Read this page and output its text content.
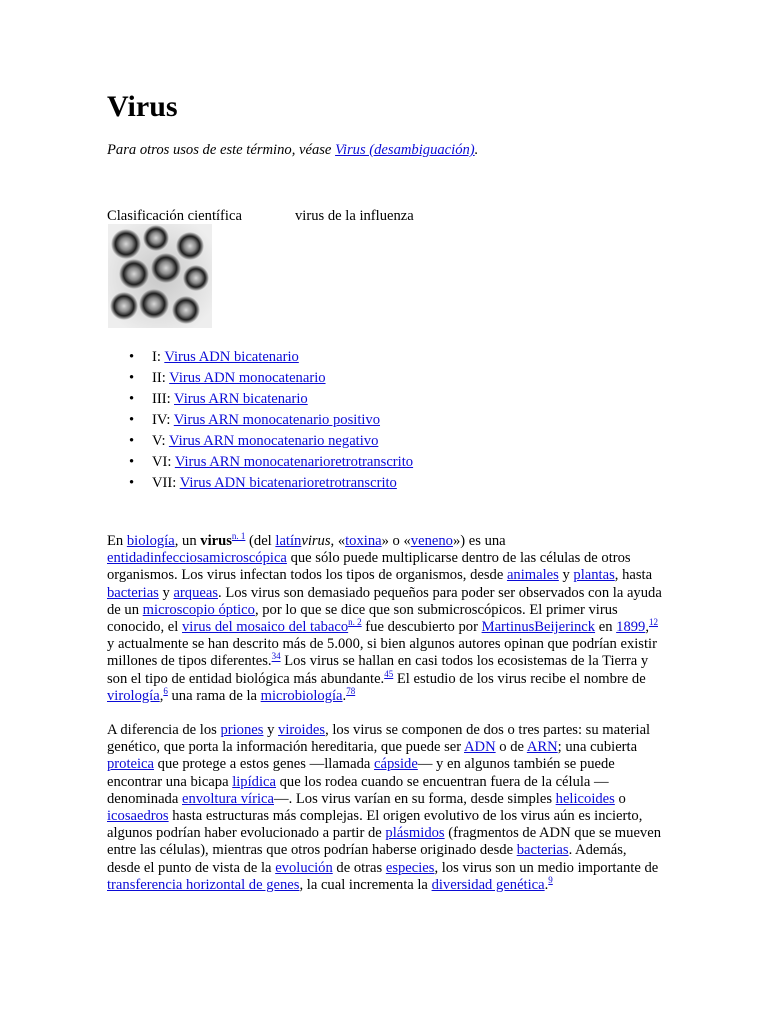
Virus

Para otros usos de este término, véase Virus (desambiguación).

Clasificación científica	virus de la influenza
• I: Virus ADN bicatenario
• II: Virus ADN monocatenario
• III: Virus ARN bicatenario
• IV: Virus ARN monocatenario positivo
• V: Virus ARN monocatenario negativo
• VI: Virus ARN monocatenarioretrotranscrito
• VII: Virus ADN bicatenarioretrotranscrito

En biología, un virus$^{n. 1}$ (del latínvirus, «toxina» o «veneno») es una entidadinfecciosamicroscópica que sólo puede multiplicarse dentro de las células de otros organismos. Los virus infectan todos los tipos de organismos, desde animales y plantas, hasta bacterias y arqueas. Los virus son demasiado pequeños para poder ser observados con la ayuda de un microscopio óptico, por lo que se dice que son submicroscópicos. El primer virus conocido, el virus del mosaico del tabaco$^{n. 2}$ fue descubierto por MartinusBeijerinck en 1899,12 y actualmente se han descrito más de 5.000, si bien algunos autores opinan que podrían existir millones de tipos diferentes.$^{34}$ Los virus se hallan en casi todos los ecosistemas de la Tierra y son el tipo de entidad biológica más abundante.$^{45}$ El estudio de los virus recibe el nombre de virología,$^6$ una rama de la microbiología.$^{78}$

A diferencia de los priones y viroides, los virus se componen de dos o tres partes: su material genético, que porta la información hereditaria, que puede ser ADN o de ARN; una cubierta proteica que protege a estos genes —llamada cápside— y en algunos también se puede encontrar una bicapa lipídica que los rodea cuando se encuentran fuera de la célula —denominada envoltura vírica—. Los virus varían en su forma, desde simples helicoides o icosaedros hasta estructuras más complejas. El origen evolutivo de los virus aún es incierto, algunos podrían haber evolucionado a partir de plásmidos (fragmentos de ADN que se mueven entre las células), mientras que otros podrían haberse originado desde bacterias. Además, desde el punto de vista de la evolución de otras especies, los virus son un medio importante de transferencia horizontal de genes, la cual incrementa la diversidad genética.$^9$
